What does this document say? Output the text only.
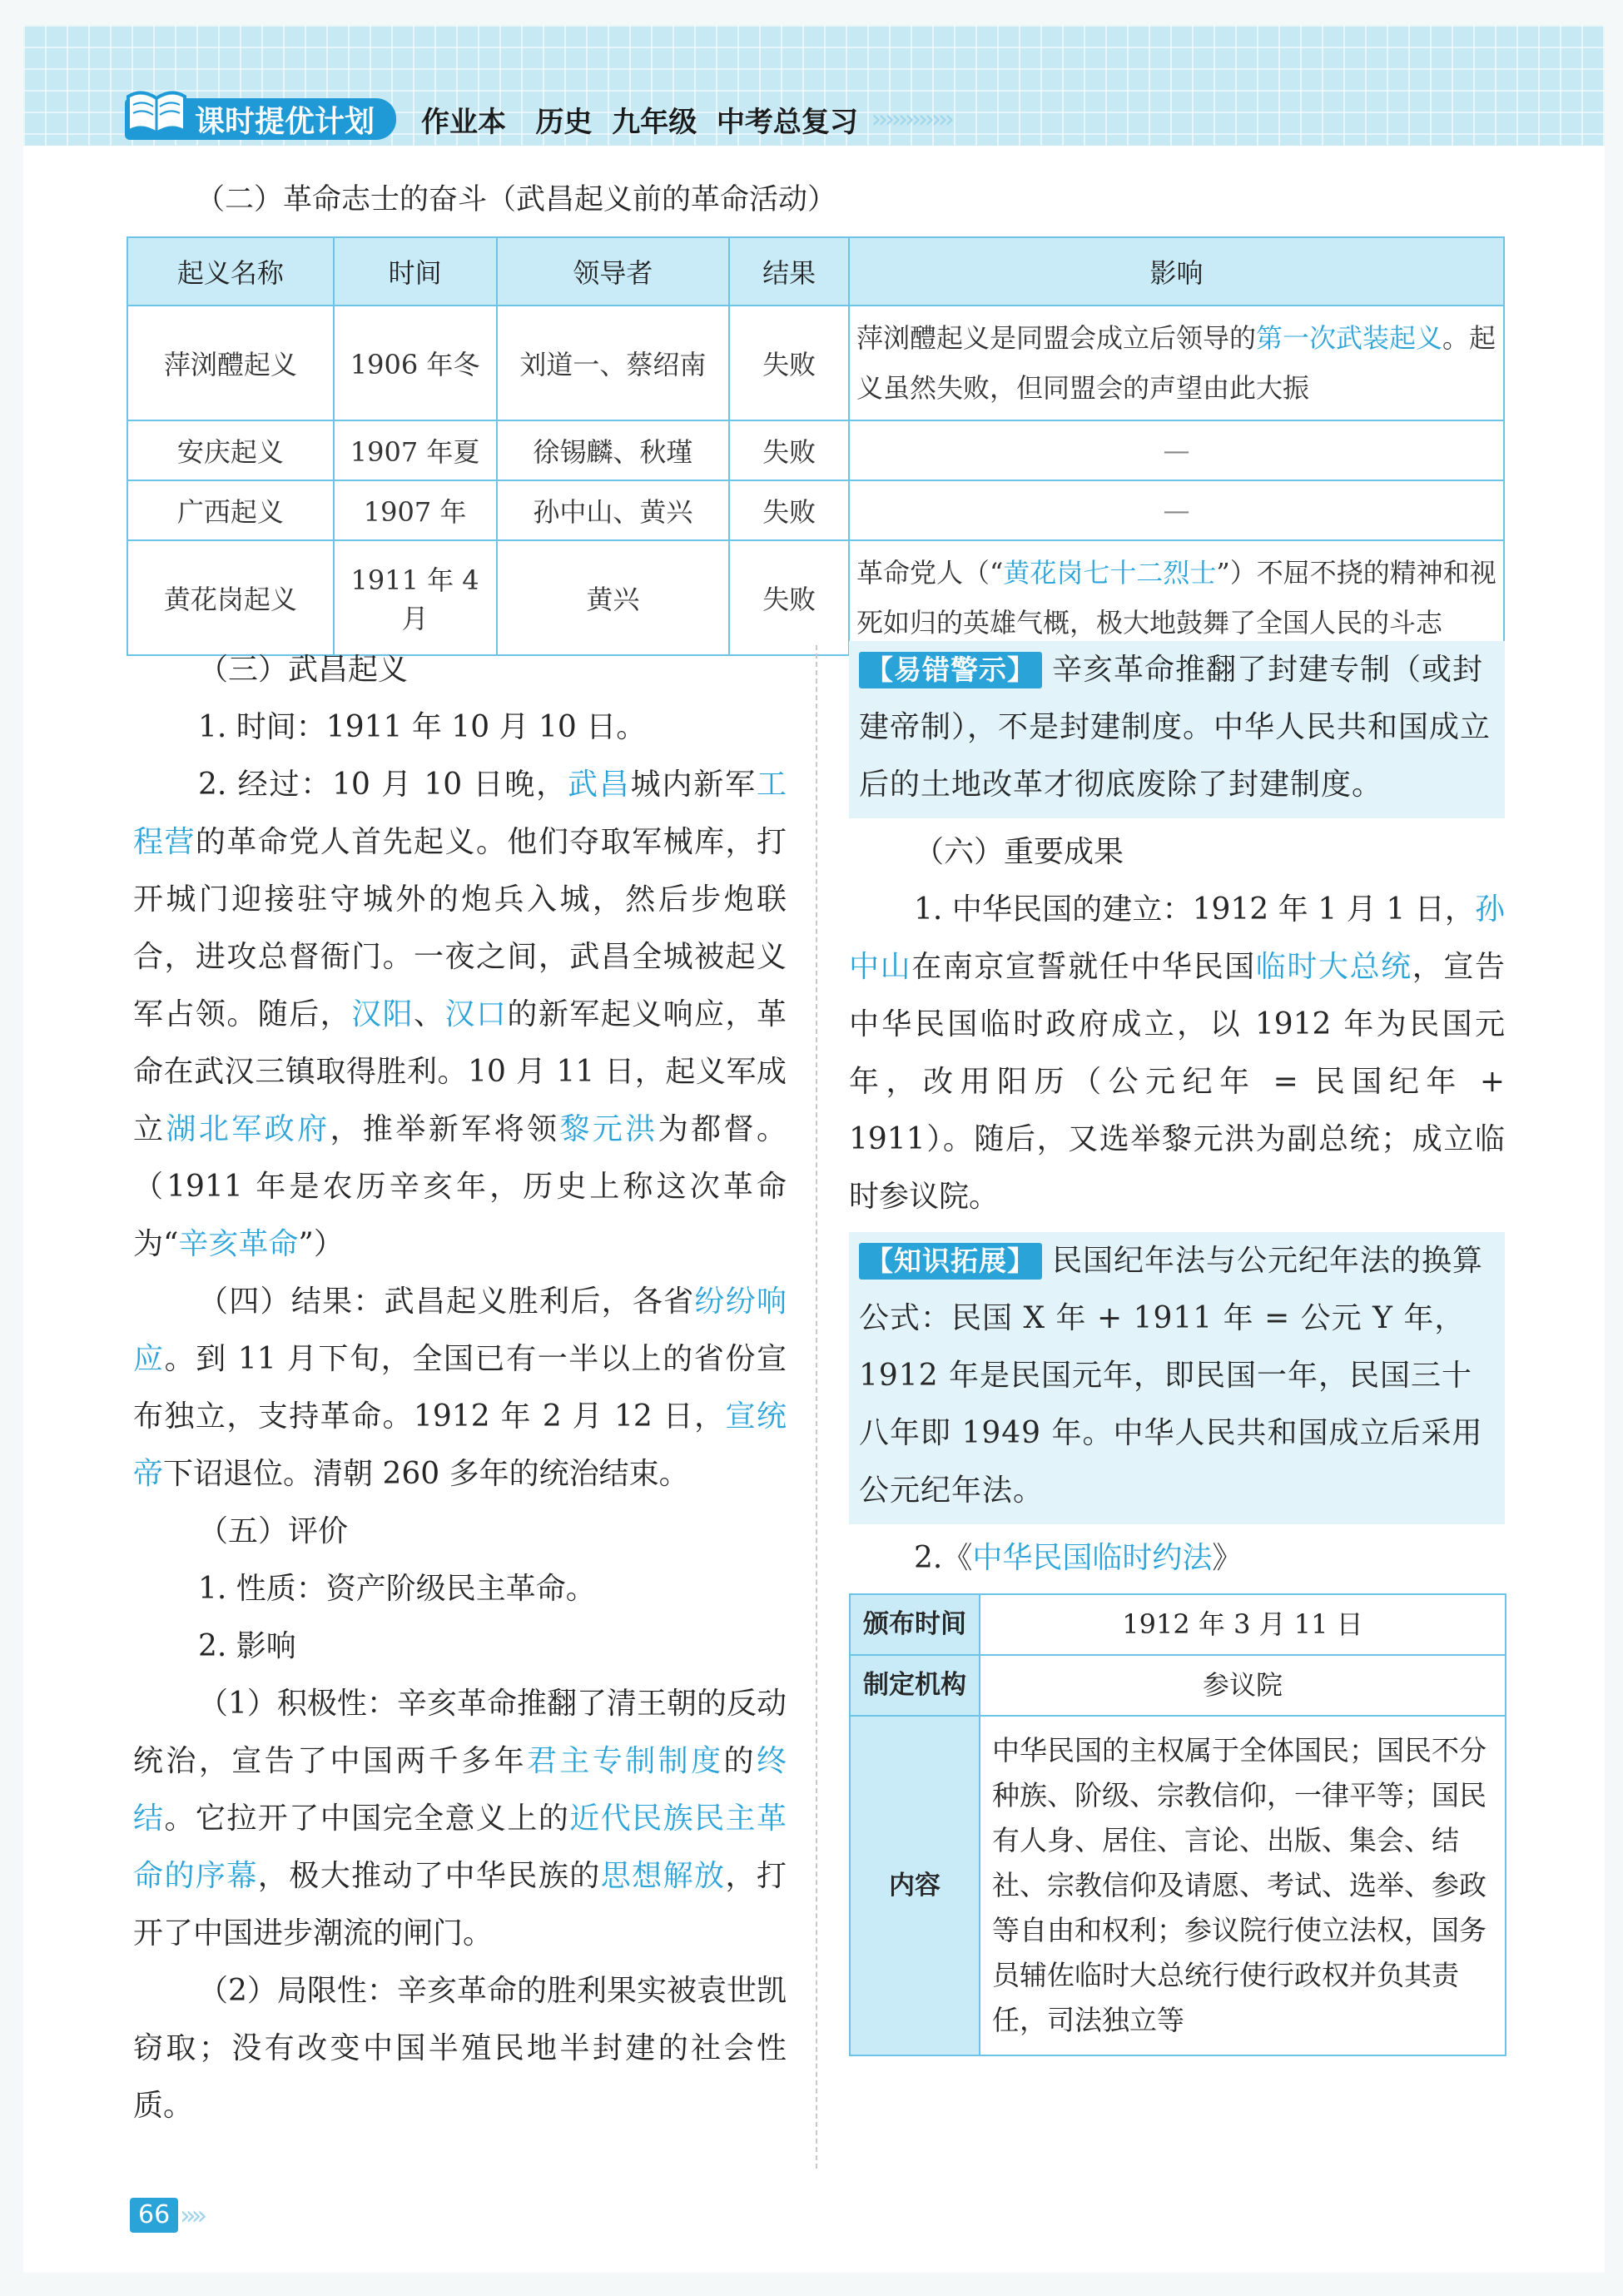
课时提优计划 作业本   历史  九年级  中考总复习 ››››››››››››
（二）革命志士的奋斗（武昌起义前的革命活动）
起义名称	时间	领导者	结果	影响
萍浏醴起义	1906 年冬	刘道一、蔡绍南	失败	萍浏醴起义是同盟会成立后领导的第一次武装起义。起义虽然失败，但同盟会的声望由此大振
安庆起义	1907 年夏	徐锡麟、秋瑾	失败	—
广西起义	1907 年	孙中山、黄兴	失败	—
黄花岗起义	1911 年 4 月	黄兴	失败	革命党人（“黄花岗七十二烈士”）不屈不挠的精神和视死如归的英雄气概，极大地鼓舞了全国人民的斗志

（三）武昌起义

1. 时间：1911 年 10 月 10 日。

2. 经过：10 月 10 日晚，武昌城内新军工程营的革命党人首先起义。他们夺取军械库，打开城门迎接驻守城外的炮兵入城，然后步炮联合，进攻总督衙门。一夜之间，武昌全城被起义军占领。随后，汉阳、汉口的新军起义响应，革命在武汉三镇取得胜利。10 月 11 日，起义军成立湖北军政府，推举新军将领黎元洪为都督。（1911 年是农历辛亥年，历史上称这次革命为“辛亥革命”）

（四）结果：武昌起义胜利后，各省纷纷响应。到 11 月下旬，全国已有一半以上的省份宣布独立，支持革命。1912 年 2 月 12 日，宣统帝下诏退位。清朝 260 多年的统治结束。

（五）评价

1. 性质：资产阶级民主革命。

2. 影响

（1）积极性：辛亥革命推翻了清王朝的反动统治，宣告了中国两千多年君主专制制度的终结。它拉开了中国完全意义上的近代民族民主革命的序幕，极大推动了中华民族的思想解放，打开了中国进步潮流的闸门。

（2）局限性：辛亥革命的胜利果实被袁世凯窃取；没有改变中国半殖民地半封建的社会性质。

【易错警示】 辛亥革命推翻了封建专制（或封建帝制），不是封建制度。中华人民共和国成立后的土地改革才彻底废除了封建制度。

（六）重要成果

1. 中华民国的建立：1912 年 1 月 1 日，孙中山在南京宣誓就任中华民国临时大总统，宣告中华民国临时政府成立，以 1912 年为民国元年，改用阳历（公元纪年 = 民国纪年 + 1911）。随后，又选举黎元洪为副总统；成立临时参议院。

【知识拓展】 民国纪年法与公元纪年法的换算公式：民国 X 年 + 1911 年 = 公元 Y 年，1912 年是民国元年，即民国一年，民国三十八年即 1949 年。中华人民共和国成立后采用公元纪年法。

2.《中华民国临时约法》

颁布时间	1912 年 3 月 11 日
制定机构	参议院
内容	中华民国的主权属于全体国民；国民不分种族、阶级、宗教信仰，一律平等；国民有人身、居住、言论、出版、集会、结社、宗教信仰及请愿、考试、选举、参政等自由和权利；参议院行使立法权，国务员辅佐临时大总统行使行政权并负其责任，司法独立等
66 »»
